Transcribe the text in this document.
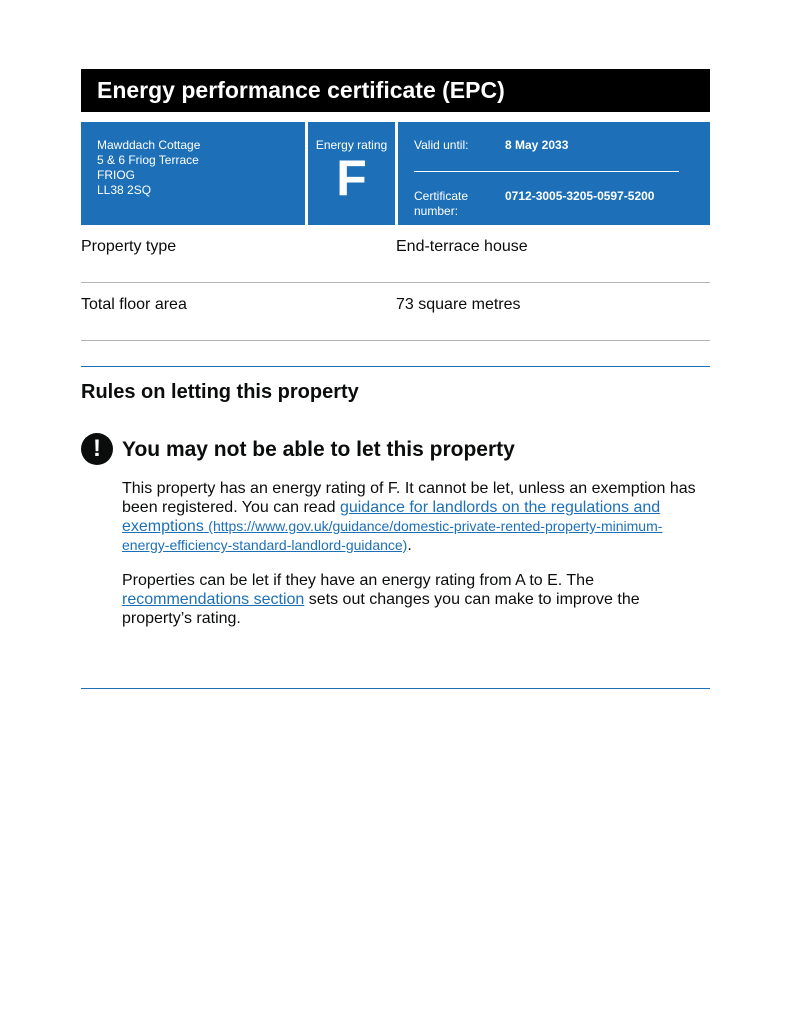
Energy performance certificate (EPC)
Mawddach Cottage
5 & 6 Friog Terrace
FRIOG
LL38 2SQ
Energy rating
F
Valid until:	8 May 2033
Certificate
number:
0712-3005-3205-0597-5200
Property type	End-terrace house
Total floor area	73 square metres
Rules on letting this property
!	You may not be able to let this property

This property has an energy rating of F. It cannot be let, unless an exemption has been registered. You can read guidance for landlords on the regulations and exemptions (https://www.gov.uk/guidance/domestic-private-rented-property-minimum-energy-efficiency-standard-landlord-guidance).

Properties can be let if they have an energy rating from A to E. The recommendations section sets out changes you can make to improve the property’s rating.
